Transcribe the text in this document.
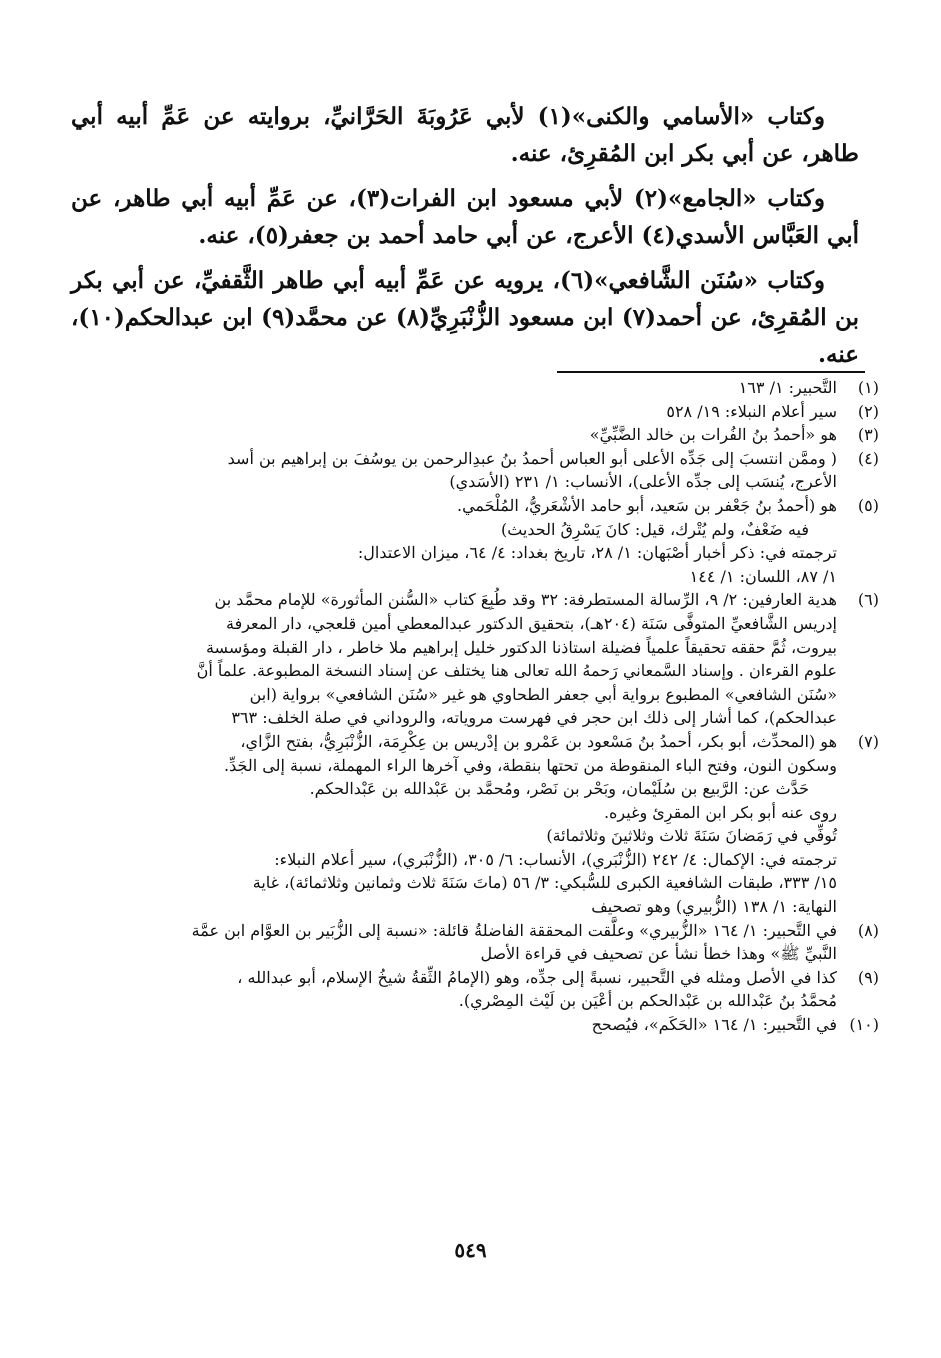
وكتاب «الأسامي والكنى»(١) لأبي عَرُوبَةَ الحَرَّانيِّ، بروايته عن عَمِّ أبيه أبي طاهر، عن أبي بكر ابن المُقرِئ، عنه.

وكتاب «الجامع»(٢) لأبي مسعود ابن الفرات(٣)، عن عَمِّ أبيه أبي طاهر، عن أبي العَبَّاس الأسدي(٤) الأعرج، عن أبي حامد أحمد بن جعفر(٥)، عنه.

وكتاب «سُنَن الشَّافعي»(٦)، يرويه عن عَمِّ أبيه أبي طاهر الثَّقفيِّ، عن أبي بكر بن المُقرِئ، عن أحمد(٧) ابن مسعود الزُّنْبَرِيِّ(٨) عن محمَّد(٩) ابن عبدالحكم(١٠)، عنه.

(١)
التَّحبير: ١/ ١٦٣
(٢)
سير أعلام النبلاء: ١٩/ ٥٢٨
(٣)
هو «أحمدُ بنُ الفُرات بن خالد الضَّبِّيِّ»
(٤)
( وممَّن انتسبَ إلى جَدِّه الأعلى أبو العباس أحمدُ بنُ عبدِالرحمن بن يوسُفَ بن إبراهيم بن أسد
الأعرج، يُنسَب إلى جدِّه الأعلى)، الأنساب: ١/ ٢٣١ (الأسَدي)
(٥)
هو (أحمدُ بنُ جَعْفر بن سَعيد، أبو حامد الأشْعَريُّ، المُلْحَمي.
فيه ضَعْفٌ، ولم يُتْرك، قيل: كانَ يَسْرِقُ الحديث)
ترجمته في: ذكر أخبار أصْبَهان: ١/ ٢٨، تاريخ بغداد: ٤/ ٦٤، ميزان الاعتدال:
١/ ٨٧، اللسان: ١/ ١٤٤
(٦)
هدية العارفين: ٢/ ٩، الرِّسالة المستطرفة: ٣٢ وقد طُبِعَ كتاب «السُّنن المأثورة» للإمام محمَّد بن
إدريس الشَّافعيِّ المتوفَّى سَنَة (٢٠٤هـ)، بتحقيق الدكتور عبدالمعطي أمين قلعجي، دار المعرفة
بيروت، ثُمَّ حققه تحقيقاً علمياً فضيلة استاذنا الدكتور خليل إبراهيم ملا خاطر ، دار القبلة ومؤسسة
علوم القرءان . وإسناد السَّمعاني رَحمهُ الله تعالى هنا يختلف عن إسناد النسخة المطبوعة. علماً أنَّ
«سُنَن الشافعي» المطبوع برواية أبي جعفر الطحاوي هو غير «سُنَن الشافعي» برواية (ابن
عبدالحكم)، كما أشار إلى ذلك ابن حجر في فهرست مروياته، والروداني في صلة الخلف: ٣٦٣
(٧)
هو (المحدِّث، أبو بكر، أحمدُ بنُ مَسْعود بن عَمْرو بن إدْريس بن عِكْرِمَة، الزُّنْبَرِيُّ، بفتح الزَّاي،
وسكون النون، وفتح الباء المنقوطة من تحتها بنقطة، وفي آخرها الراء المهملة، نسبة إلى الجَدِّ.
حَدَّث عن: الرَّبيع بن سُلَيْمان، وبَحْر بن نَصْر، ومُحمَّد بن عَبْدالله بن عَبْدالحكم.
روى عنه أبو بكر ابن المقرِئ وغيره.
تُوفِّي في رَمَضانَ سَنَةَ ثلاث وثلاثينَ وثلاثمائة)
ترجمته في: الإكمال: ٤/ ٢٤٢ (الزُّنْبَري)، الأنساب: ٦/ ٣٠٥، (الزُّنْبَري)، سير أعلام النبلاء:
١٥/ ٣٣٣، طبقات الشافعية الكبرى للسُّبكي: ٣/ ٥٦ (ماتَ سَنَةَ ثلاث وثمانين وثلاثمائة)، غاية
النهاية: ١/ ١٣٨ (الزُّبيري) وهو تصحيف
(٨)
في التَّحبير: ١/ ١٦٤ «الزُّبيري» وعلَّقت المحققة الفاضلةُ قائلة: «نسبة إلى الزُّبَير بن العوَّام ابن عمَّة
النَّبيِّ ﷺ» وهذا خطأ نشأ عن تصحيف في قراءة الأصل
(٩)
كذا في الأصل ومثله في التَّحبير، نسبةً إلى جدِّه، وهو (الإمامُ الثِّقةُ شيخُ الإسلام، أبو عبدالله ،
مُحمَّدُ بنُ عَبْدالله بن عَبْدالحكم بن أعْيَن بن لَيْث المِصْري).
(١٠)
في التَّحبير: ١/ ١٦٤ «الحَكَم»، فيُصحح
٥٤٩
